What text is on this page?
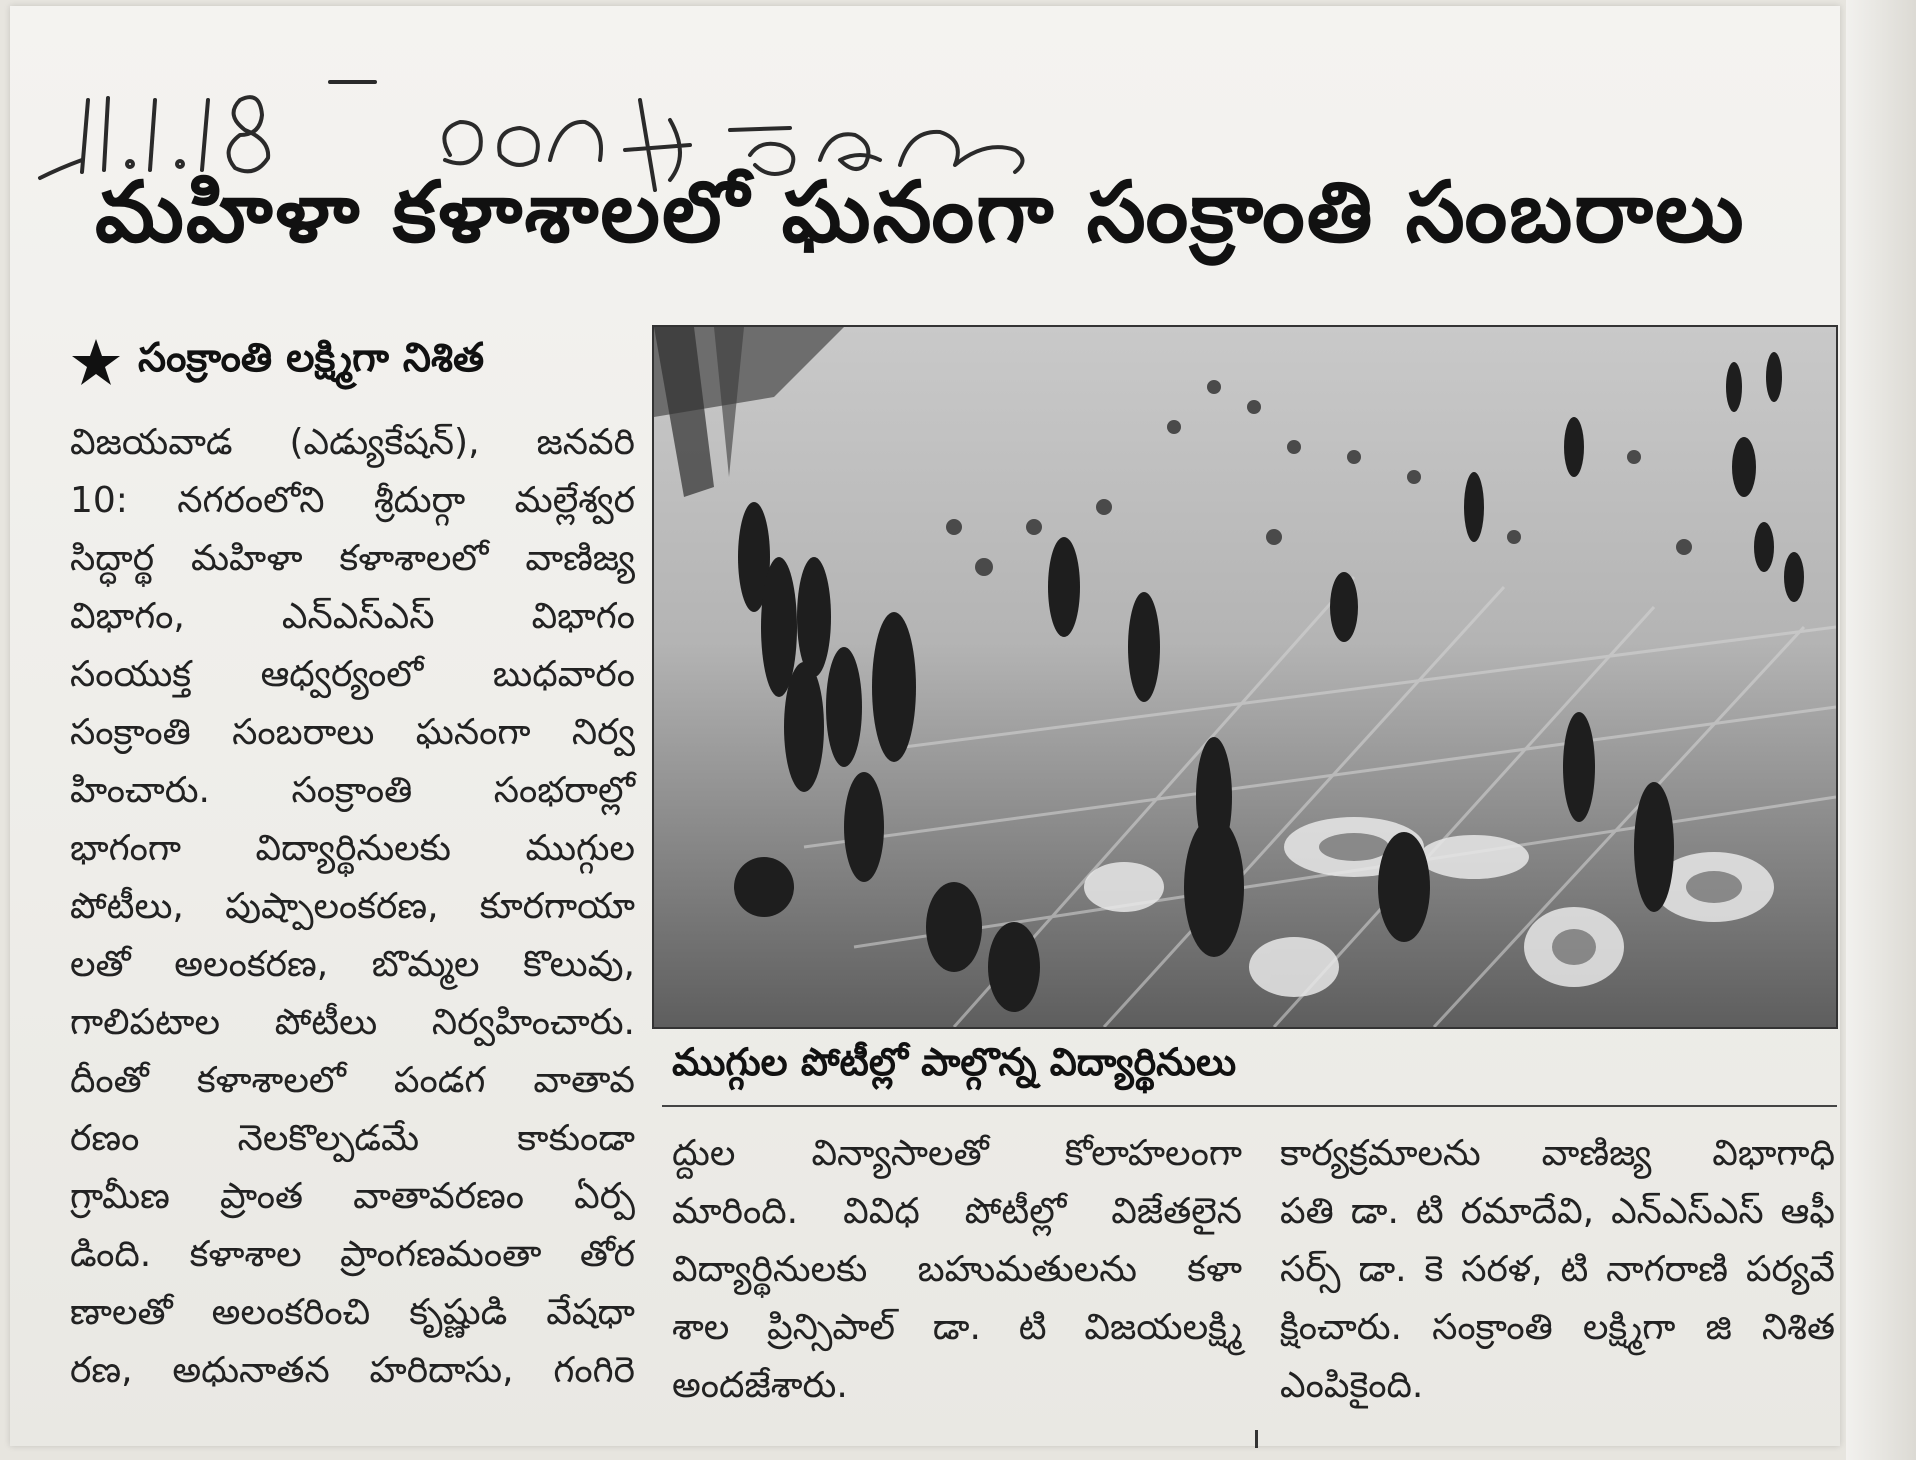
మహిళా కళాశాలలో ఘనంగా సంక్రాంతి సంబరాలు
సంక్రాంతి లక్ష్మిగా నిశిత
విజయవాడ (ఎడ్యుకేషన్), జనవరి
10: నగరంలోని శ్రీదుర్గా మల్లేశ్వర
సిద్ధార్థ మహిళా కళాశాలలో వాణిజ్య
విభాగం, ఎన్ఎస్ఎస్ విభాగం
సంయుక్త ఆధ్వర్యంలో బుధవారం
సంక్రాంతి సంబరాలు ఘనంగా నిర్వ
హించారు. సంక్రాంతి సంభరాల్లో
భాగంగా విద్యార్థినులకు ముగ్గుల
పోటీలు, పుష్పాలంకరణ, కూరగాయా
లతో అలంకరణ, బొమ్మల కొలువు,
గాలిపటాల పోటీలు నిర్వహించారు.
దీంతో కళాశాలలో పండగ వాతావ
రణం నెలకొల్పడమే కాకుండా
గ్రామీణ ప్రాంత వాతావరణం ఏర్ప
డింది. కళాశాల ప్రాంగణమంతా తోర
ణాలతో అలంకరించి కృష్ణుడి వేషధా
రణ, అధునాతన హరిదాసు, గంగిరె
ముగ్గుల పోటీల్లో పాల్గొన్న విద్యార్థినులు
ద్దుల విన్యాసాలతో కోలాహలంగా
మారింది. వివిధ పోటీల్లో విజేతలైన
విద్యార్థినులకు బహుమతులను కళా
శాల ప్రిన్సిపాల్ డా. టి విజయలక్ష్మి
అందజేశారు.
కార్యక్రమాలను వాణిజ్య విభాగాధి
పతి డా. టి రమాదేవి, ఎన్ఎస్ఎస్ ఆఫీ
సర్స్ డా. కె సరళ, టి నాగరాణి పర్యవే
క్షించారు. సంక్రాంతి లక్ష్మిగా జి నిశిత
ఎంపికైంది.
